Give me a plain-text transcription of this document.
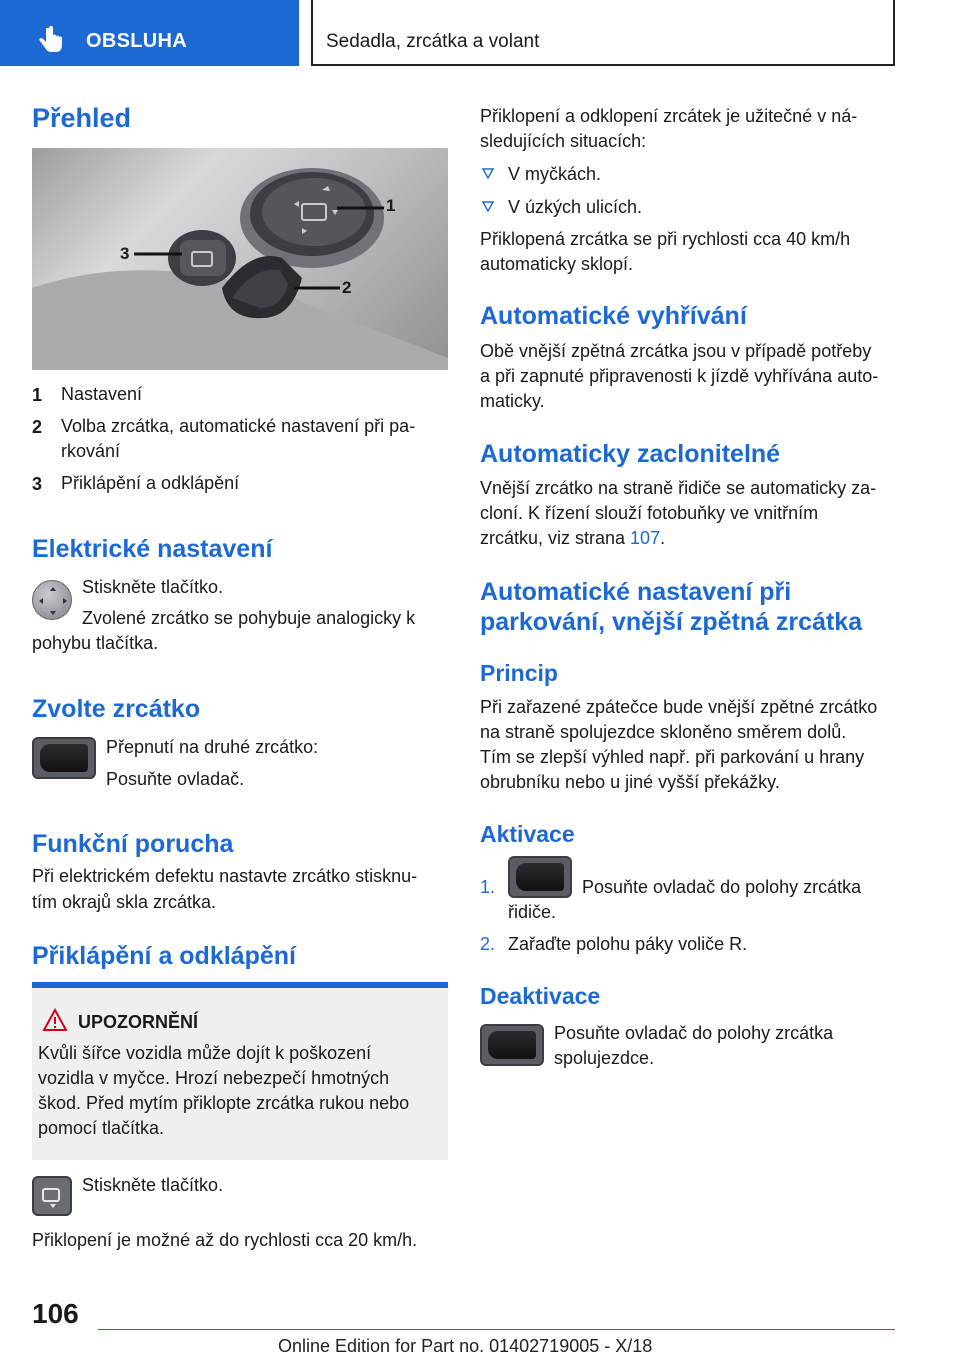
OBSLUHA	Sedadla, zrcátka a volant
Přehled
1
2
3
1 Nastavení
2 Volba zrcátka, automatické nastavení při pa-
rkování
3 Přiklápění a odklápění
Elektrické nastavení
Stiskněte tlačítko.
Zvolené zrcátko se pohybuje analogicky k
pohybu tlačítka.
Zvolte zrcátko
Přepnutí na druhé zrcátko:
Posuňte ovladač.
Funkční porucha
Při elektrickém defektu nastavte zrcátko stisknu-
tím okrajů skla zrcátka.
Přiklápění a odklápění
UPOZORNĚNÍ
Kvůli šířce vozidla může dojít k poškození
vozidla v myčce. Hrozí nebezpečí hmotných
škod. Před mytím přiklopte zrcátka rukou nebo
pomocí tlačítka.
Stiskněte tlačítko.
Přiklopení je možné až do rychlosti cca 20 km/h.
Přiklopení a odklopení zrcátek je užitečné v ná-
sledujících situacích:
V myčkách.
V úzkých ulicích.
Přiklopená zrcátka se při rychlosti cca 40 km/h
automaticky sklopí.
Automatické vyhřívání
Obě vnější zpětná zrcátka jsou v případě potřeby
a při zapnuté připravenosti k jízdě vyhřívána auto-
maticky.
Automaticky zaclonitelné
Vnější zrcátko na straně řidiče se automaticky za-
cloní. K řízení slouží fotobuňky ve vnitřním
zrcátku, viz strana 107.
Automatické nastavení při
parkování, vnější zpětná zrcátka
Princip
Při zařazené zpátečce bude vnější zpětné zrcátko
na straně spolujezdce skloněno směrem dolů.
Tím se zlepší výhled např. při parkování u hrany
obrubníku nebo u jiné vyšší překážky.
Aktivace
1.	Posuňte ovladač do polohy zrcátka
řidiče.
2. Zařaďte polohu páky voliče R.
Deaktivace
Posuňte ovladač do polohy zrcátka
spolujezdce.
106
Online Edition for Part no. 01402719005 - X/18
